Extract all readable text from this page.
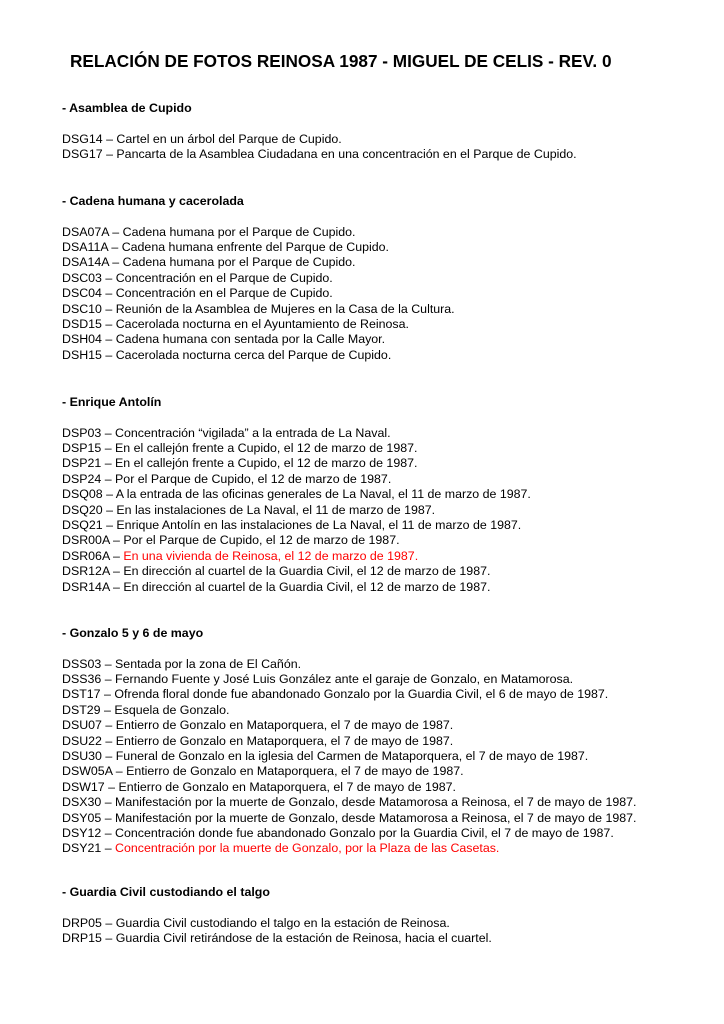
RELACIÓN DE FOTOS REINOSA 1987 - MIGUEL DE CELIS - REV. 0
- Asamblea de Cupido
DSG14 – Cartel en un árbol del Parque de Cupido.
DSG17 – Pancarta de la Asamblea Ciudadana en una concentración en el Parque de Cupido.
- Cadena humana y cacerolada
DSA07A – Cadena humana por el Parque de Cupido.
DSA11A – Cadena humana enfrente del Parque de Cupido.
DSA14A – Cadena humana por el Parque de Cupido.
DSC03 – Concentración en el Parque de Cupido.
DSC04 – Concentración en el Parque de Cupido.
DSC10 – Reunión de la Asamblea de Mujeres en la Casa de la Cultura.
DSD15 – Cacerolada nocturna en el Ayuntamiento de Reinosa.
DSH04 – Cadena humana con sentada por la Calle Mayor.
DSH15 – Cacerolada nocturna cerca del Parque de Cupido.
- Enrique Antolín
DSP03 – Concentración “vigilada” a la entrada de La Naval.
DSP15 – En el callejón frente a Cupido, el 12 de marzo de 1987.
DSP21 – En el callejón frente a Cupido, el 12 de marzo de 1987.
DSP24 – Por el Parque de Cupido, el 12 de marzo de 1987.
DSQ08 – A la entrada de las oficinas generales de La Naval, el 11 de marzo de 1987.
DSQ20 – En las instalaciones de La Naval, el 11 de marzo de 1987.
DSQ21 – Enrique Antolín en las instalaciones de La Naval, el 11 de marzo de 1987.
DSR00A – Por el Parque de Cupido, el 12 de marzo de 1987.
DSR06A – En una vivienda de Reinosa, el 12 de marzo de 1987.
DSR12A – En dirección al cuartel de la Guardia Civil, el 12 de marzo de 1987.
DSR14A – En dirección al cuartel de la Guardia Civil, el 12 de marzo de 1987.
- Gonzalo 5 y 6 de mayo
DSS03 – Sentada por la zona de El Cañón.
DSS36 – Fernando Fuente y José Luis González ante el garaje de Gonzalo, en Matamorosa.
DST17 – Ofrenda floral donde fue abandonado Gonzalo por la Guardia Civil, el 6 de mayo de 1987.
DST29 – Esquela de Gonzalo.
DSU07 – Entierro de Gonzalo en Mataporquera, el 7 de mayo de 1987.
DSU22 – Entierro de Gonzalo en Mataporquera, el 7 de mayo de 1987.
DSU30 – Funeral de Gonzalo en la iglesia del Carmen de Mataporquera, el 7 de mayo de 1987.
DSW05A – Entierro de Gonzalo en Mataporquera, el 7 de mayo de 1987.
DSW17 – Entierro de Gonzalo en Mataporquera, el 7 de mayo de 1987.
DSX30 – Manifestación por la muerte de Gonzalo, desde Matamorosa a Reinosa, el 7 de mayo de 1987.
DSY05 – Manifestación por la muerte de Gonzalo, desde Matamorosa a Reinosa, el 7 de mayo de 1987.
DSY12 – Concentración donde fue abandonado Gonzalo por la Guardia Civil, el 7 de mayo de 1987.
DSY21 – Concentración por la muerte de Gonzalo, por la Plaza de las Casetas.
- Guardia Civil custodiando el talgo
DRP05 – Guardia Civil custodiando el talgo en la estación de Reinosa.
DRP15 – Guardia Civil retirándose de la estación de Reinosa, hacia el cuartel.
